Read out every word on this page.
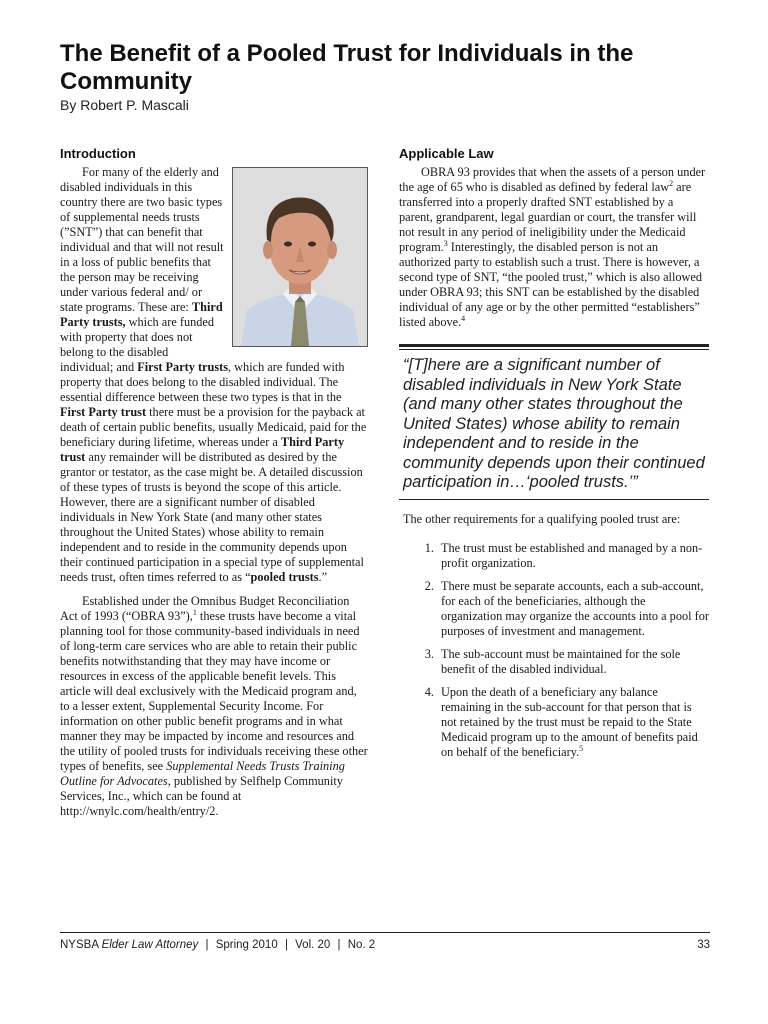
The Benefit of a Pooled Trust for Individuals in the Community

By Robert P. Mascali

Introduction

For many of the elderly and disabled individuals in this country there are two basic types of supplemental needs trusts (”SNT”) that can benefit that individual and that will not result in a loss of public benefits that the person may be receiving under various federal and/ or state programs. These are: Third Party trusts, which are funded with property that does not belong to the disabled individual; and First Party trusts, which are funded with property that does belong to the disabled individual. The essential difference between these two types is that in the First Party trust there must be a provision for the payback at death of certain public benefits, usually Medicaid, paid for the beneficiary during lifetime, whereas under a Third Party trust any remainder will be distributed as desired by the grantor or testator, as the case might be. A detailed discussion of these types of trusts is beyond the scope of this article. However, there are a significant number of disabled individuals in New York State (and many other states throughout the United States) whose ability to remain independent and to reside in the community depends upon their continued participation in a special type of supplemental needs trust, often times referred to as “pooled trusts.”

Established under the Omnibus Budget Reconciliation Act of 1993 (“OBRA 93”),$^1$ these trusts have become a vital planning tool for those community-based individuals in need of long-term care services who are able to retain their public benefits notwithstanding that they may have income or resources in excess of the applicable benefit levels. This article will deal exclusively with the Medicaid program and, to a lesser extent, Supplemental Security Income. For information on other public benefit programs and in what manner they may be impacted by income and resources and the utility of pooled trusts for individuals receiving these other types of benefits, see Supplemental Needs Trusts Training Outline for Advocates, published by Selfhelp Community Services, Inc., which can be found at http://wnylc.com/health/entry/2.

Applicable Law

OBRA 93 provides that when the assets of a person under the age of 65 who is disabled as defined by federal law$^2$ are transferred into a properly drafted SNT established by a parent, grandparent, legal guardian or court, the transfer will not result in any period of ineligibility under the Medicaid program.$^3$ Interestingly, the disabled person is not an authorized party to establish such a trust. There is however, a second type of SNT, “the pooled trust,” which is also allowed under OBRA 93; this SNT can be established by the disabled individual of any age or by the other permitted “establishers” listed above.$^4$

“[T]here are a significant number of disabled individuals in New York State (and many other states throughout the United States) whose ability to remain independent and to reside in the community depends upon their continued participation in…‘pooled trusts.’”

The other requirements for a qualifying pooled trust are:

1. The trust must be established and managed by a non-profit organization.
2. There must be separate accounts, each a sub-account, for each of the beneficiaries, although the organization may organize the accounts into a pool for purposes of investment and management.
3. The sub-account must be maintained for the sole benefit of the disabled individual.
4. Upon the death of a beneficiary any balance remaining in the sub-account for that person that is not retained by the trust must be repaid to the State Medicaid program up to the amount of benefits paid on behalf of the beneficiary.$^5$
NYSBA Elder Law Attorney | Spring 2010 | Vol. 20 | No. 2	33
